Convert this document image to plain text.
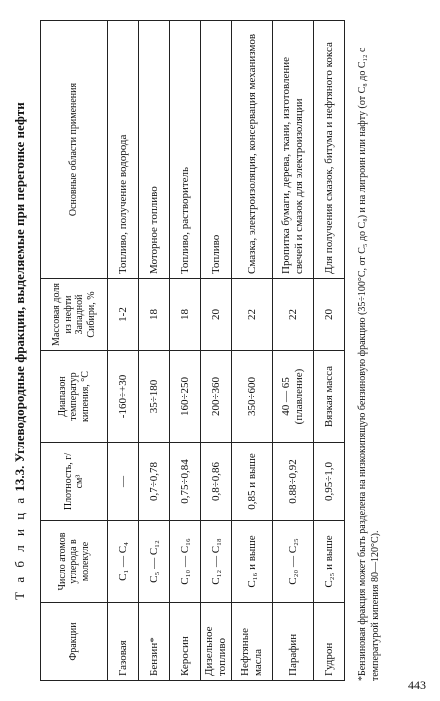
Т а б л и ц а 13.3. Углеводородные фракции, выделяемые при перегонке нефти
Фракции	Число атомов углерода в молекуле	Плотность, г/см³	Диапазон температур кипения, °С	Массовая доля из нефти Западной Сибири, %	Основные области применения
Газовая	C₁ — C₄	—	-160÷+30	1-2	Топливо, получение водорода
Бензин*	C₅ — C₁₂	0,7÷0,78	35÷180	18	Моторное топливо
Керосин	C₁₀ — C₁₆	0,75÷0,84	160÷250	18	Топливо, растворитель
Дизельное топливо	C₁₂ — C₁₈	0,8÷0,86	200÷360	20	Топливо
Нефтяные масла	C₁₆ и выше	0,85 и выше	350÷600	22	Смазка, электроизоляция, консервация механизмов
Парафин	C₂₀ — C₂₅	0.88÷0,92	40 — 65 (плавление)	22	Пропитка бумаги, дерева, ткани, изготовление свечей и смазок для электроизоляции
Гудрон	C₂₅ и выше	0,95÷1,0	Вязкая масса	20	Для получения смазок, битума и нефтяного кокса *Бензиновая фракция может быть разделена на низкокипящую бензиновую фракцию (35÷100°С, от C₅ до C₈) и на лигроин или нафту (от C₈ до C₁₂ с температурой кипения 80—120°С).
443
